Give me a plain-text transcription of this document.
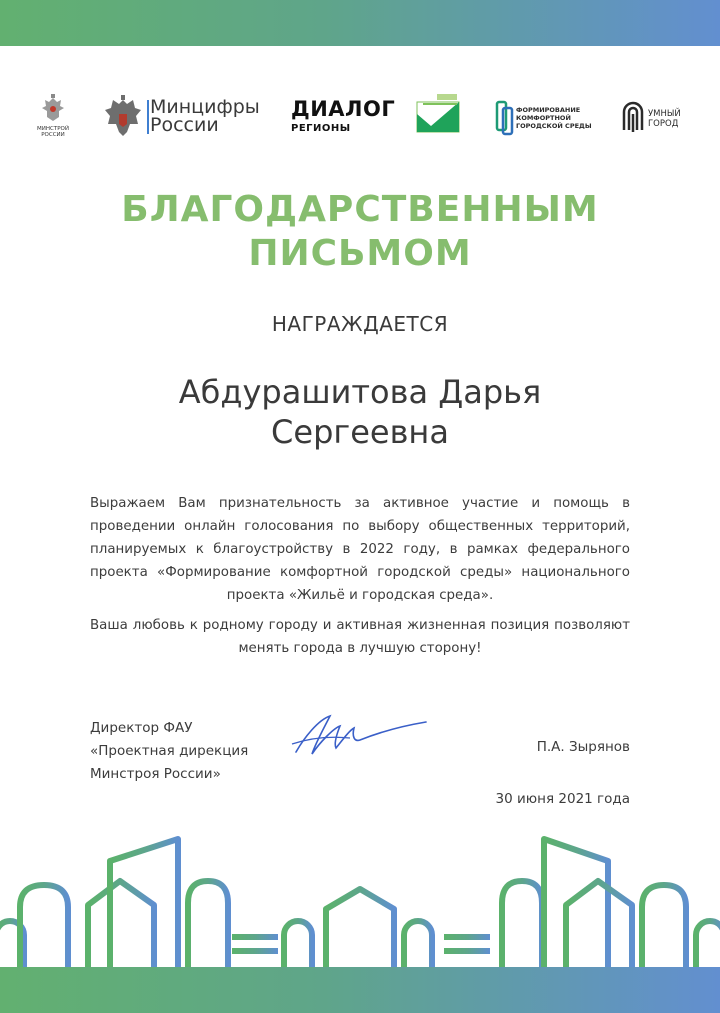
МИНСТРОЙ РОССИИ
Минцифры России
ДИАЛОГ
РЕГИОНЫ
ФОРМИРОВАНИЕ КОМФОРТНОЙ ГОРОДСКОЙ СРЕДЫ
УМНЫЙ ГОРОД
БЛАГОДАРСТВЕННЫМ
ПИСЬМОМ
НАГРАЖДАЕТСЯ
Абдурашитова Дарья
Сергеевна
Выражаем Вам признательность за активное участие и помощь в проведении онлайн голосования по выбору общественных территорий, планируемых к благоустройству в 2022 году, в рамках федерального проекта «Формирование комфортной городской среды» национального проекта «Жильё и городская среда».
Ваша любовь к родному городу и активная жизненная позиция позволяют менять города в лучшую сторону!
Директор ФАУ
«Проектная дирекция
Минстроя России»
П.А. Зырянов
30 июня 2021 года
